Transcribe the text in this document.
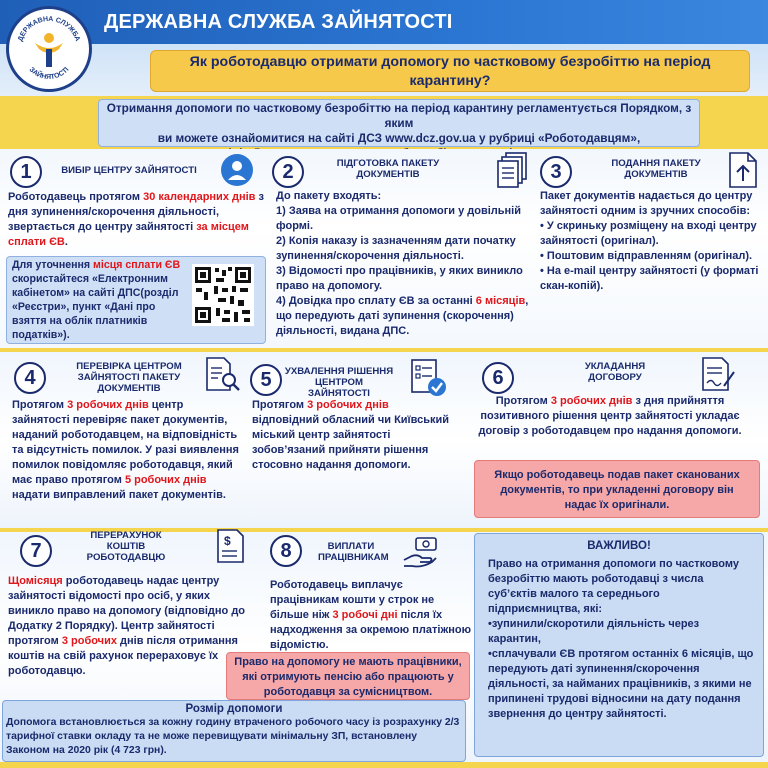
ДЕРЖАВНА СЛУЖБА ЗАЙНЯТОСТІ
ДЕРЖАВНА СЛУЖБА
ЗАЙНЯТОСТІ	Як роботодавцю отримати допомогу по частковому безробіттю на період карантину?
Отримання допомоги по частковому безробіттю на період карантину регламентується Порядком, з яким
ви можете ознайомитися на сайті ДСЗ www.dcz.gov.ua у рубриці «Роботодавцям»,
1	ВИБІР ЦЕНТРУ ЗАЙНЯТОСТІ
Роботодавець протягом 30 календарних днів з дня зупинення/скорочення діяльності, звертається до центру зайнятості за місцем сплати ЄВ.
Для уточнення місця сплати ЄВ скористайтеся «Електронним кабінетом» на сайті ДПС(розділ «Реєстри», пункт «Дані про взяття на облік платників податків»).
2	ПІДГОТОВКА ПАКЕТУ ДОКУМЕНТІВ
До пакету входять:
1) Заява на отримання допомоги у довільній формі.
2) Копія наказу із зазначенням дати початку зупинення/скорочення діяльності.
3) Відомості про працівників, у яких виникло право на допомогу.
4) Довідка про сплату ЄВ за останні 6 місяців, що передують даті зупинення (скорочення) діяльності, видана ДПС.
3	ПОДАННЯ ПАКЕТУ ДОКУМЕНТІВ
Пакет документів надається до центру зайнятості одним із зручних способів:
• У скриньку розміщену на вході центру зайнятості (оригінал).
• Поштовим відправленням (оригінал).
• На e-mail центру зайнятості (у форматі скан-копій).
4
ПЕРЕВІРКА ЦЕНТРОМ ЗАЙНЯТОСТІ ПАКЕТУ ДОКУМЕНТІВ
Протягом 3 робочих днів центр зайнятості перевіряє пакет документів, наданий роботодавцем, на відповідність та відсутність помилок. У разі виявлення помилок повідомляє роботодавця, який має право протягом 5 робочих днів надати виправлений пакет документів.
5	УХВАЛЕННЯ РІШЕННЯ ЦЕНТРОМ ЗАЙНЯТОСТІ
Протягом 3 робочих днів відповідний обласний чи Київський міський центр зайнятості зобов’язаний прийняти рішення стосовно надання допомоги.
6
УКЛАДАННЯ ДОГОВОРУ
Протягом 3 робочих днів з дня прийняття позитивного рішення центр зайнятості укладає договір з роботодавцем про надання допомоги.
Якщо роботодавець подав пакет сканованих документів, то при укладенні договору він надає їх оригінали.
7
ПЕРЕРАХУНОК КОШТІВ РОБОТОДАВЦЮ
$
Щомісяця роботодавець надає центру зайнятості відомості про осіб, у яких виникло право на допомогу (відповідно до Додатку 2 Порядку). Центр зайнятості протягом 3 робочих днів після отримання коштів на свій рахунок перераховує їх роботодавцю.
8	ВИПЛАТИ ПРАЦІВНИКАМ
Роботодавець виплачує працівникам кошти у строк не більше ніж 3 робочі дні після їх надходження за окремою платіжною відомістю.
Право на допомогу не мають працівники, які отримують пенсію або працюють у роботодавця за сумісництвом.
ВАЖЛИВО!
Право на отримання допомоги по частковому безробіттю мають роботодавці з числа суб’єктів малого та середнього підприємництва, які:
•зупинили/скоротили діяльність через карантин,
•сплачували ЄВ протягом останніх 6 місяців, що передують даті зупинення/скорочення діяльності, за найманих працівників, з якими не припинені трудові відносини на дату подання звернення до центру зайнятості.
Розмір допомоги
Допомога встановлюється за кожну годину втраченого робочого часу із розрахунку 2/3 тарифної ставки окладу та не може перевищувати мінімальну ЗП, встановлену Законом на 2020 рік (4 723 грн).
